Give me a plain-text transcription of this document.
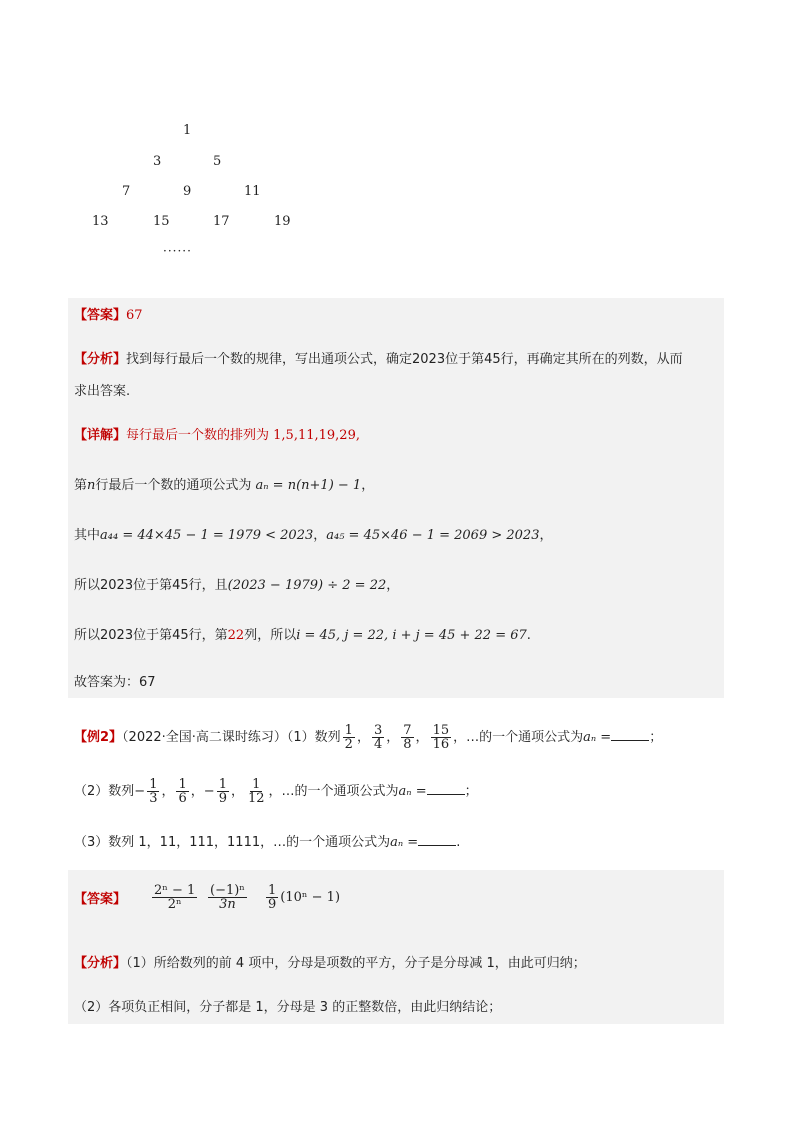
1
3	5
7	9	11
13	15	17	19
······
【答案】67
【分析】找到每行最后一个数的规律，写出通项公式，确定2023位于第45行，再确定其所在的列数，从而
求出答案.
【详解】每行最后一个数的排列为 1,5,11,19,29,
第n行最后一个数的通项公式为 aₙ = n(n+1) − 1，
其中a₄₄ = 44×45 − 1 = 1979 < 2023，a₄₅ = 45×46 − 1 = 2069 > 2023，
所以2023位于第45行，且(2023 − 1979) ÷ 2 = 22，
所以2023位于第45行，第22列，所以i = 45, j = 22, i + j = 45 + 22 = 67.
故答案为：67
【例2】（2022·全国·高二课时练习）（1）数列 $\frac{1}{2}$ ， $\frac{3}{4}$ ， $\frac{7}{8}$ ， $\frac{15}{16}$ ，…的一个通项公式为aₙ =	；
（2）数列− $\frac{1}{3}$ ， $\frac{1}{6}$ ，− $\frac{1}{9}$ ， $\frac{1}{12}$ ，…的一个通项公式为aₙ =	；
（3）数列 1，11，111，1111，…的一个通项公式为aₙ =	.
【答案】	$\frac{\text{2ⁿ − 1}}{\text{2ⁿ}} \frac{\text{(−1)ⁿ}}{3n} \frac{1}{9} (10^n - 1)$
【分析】（1）所给数列的前 4 项中，分母是项数的平方，分子是分母减 1，由此可归纳；
（2）各项负正相间，分子都是 1，分母是 3 的正整数倍，由此归纳结论；
